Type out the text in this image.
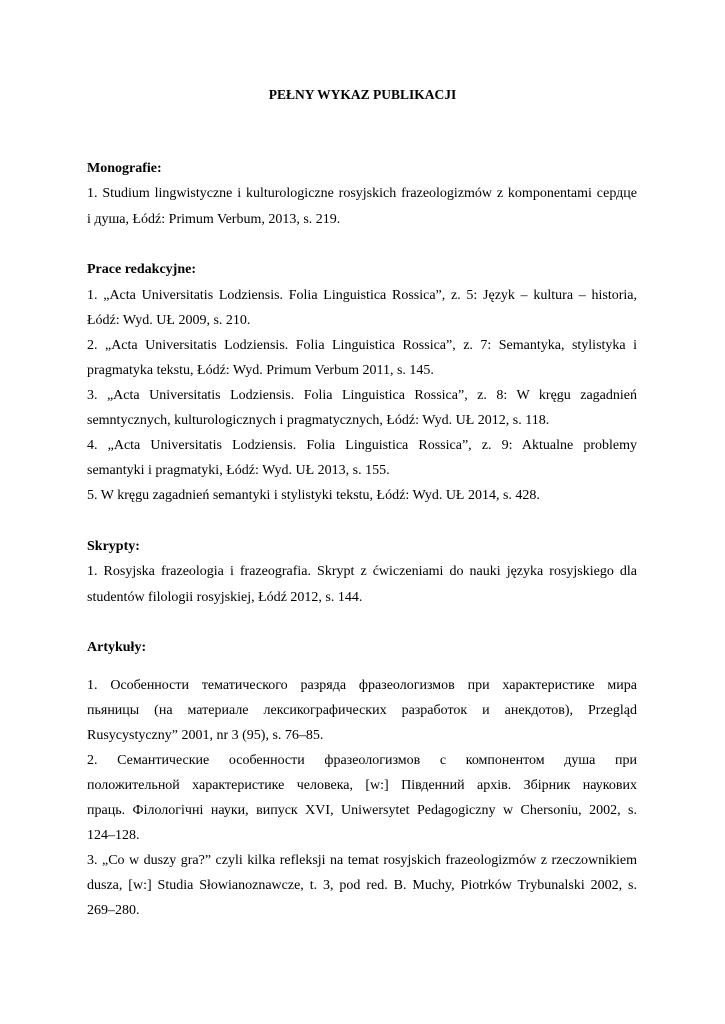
PEŁNY WYKAZ PUBLIKACJI
Monografie:
1. Studium lingwistyczne i kulturologiczne rosyjskich frazeologizmów z komponentami сердце
i душа, Łódź: Primum Verbum, 2013, s. 219.
Prace redakcyjne:
1. „Acta Universitatis Lodziensis. Folia Linguistica Rossica”, z. 5: Język – kultura – historia,
Łódź: Wyd. UŁ 2009, s. 210.
2. „Acta Universitatis Lodziensis. Folia Linguistica Rossica”, z. 7: Semantyka, stylistyka i
pragmatyka tekstu, Łódź: Wyd. Primum Verbum 2011, s. 145.
3. „Acta Universitatis Lodziensis. Folia Linguistica Rossica”, z. 8: W kręgu zagadnień
semntycznych, kulturologicznych i pragmatycznych, Łódź: Wyd. UŁ 2012, s. 118.
4. „Acta Universitatis Lodziensis. Folia Linguistica Rossica”, z. 9: Aktualne problemy
semantyki i pragmatyki, Łódź: Wyd. UŁ 2013, s. 155.
5. W kręgu zagadnień semantyki i stylistyki tekstu, Łódź: Wyd. UŁ 2014, s. 428.
Skrypty:
1. Rosyjska frazeologia i frazeografia. Skrypt z ćwiczeniami do nauki języka rosyjskiego dla
studentów filologii rosyjskiej, Łódź 2012, s. 144.
Artykuły:
1. Особенности тематического разряда фразеологизмов при характеристике мира
пьяницы (на материале лексикографических разработок и анекдотов), Przegląd
Rusycystyczny” 2001, nr 3 (95), s. 76–85.
2. Семантические особенности фразеологизмов с компонентом душа при
положительной характеристике человека, [w:] Південний архів. Збірник наукових
праць. Філологічні науки, випуск XVI, Uniwersytet Pedagogiczny w Chersoniu, 2002, s.
124–128.
3. „Co w duszy gra?” czyli kilka refleksji na temat rosyjskich frazeologizmów z rzeczownikiem
dusza, [w:] Studia Słowianoznawcze, t. 3, pod red. B. Muchy, Piotrków Trybunalski 2002, s.
269–280.
